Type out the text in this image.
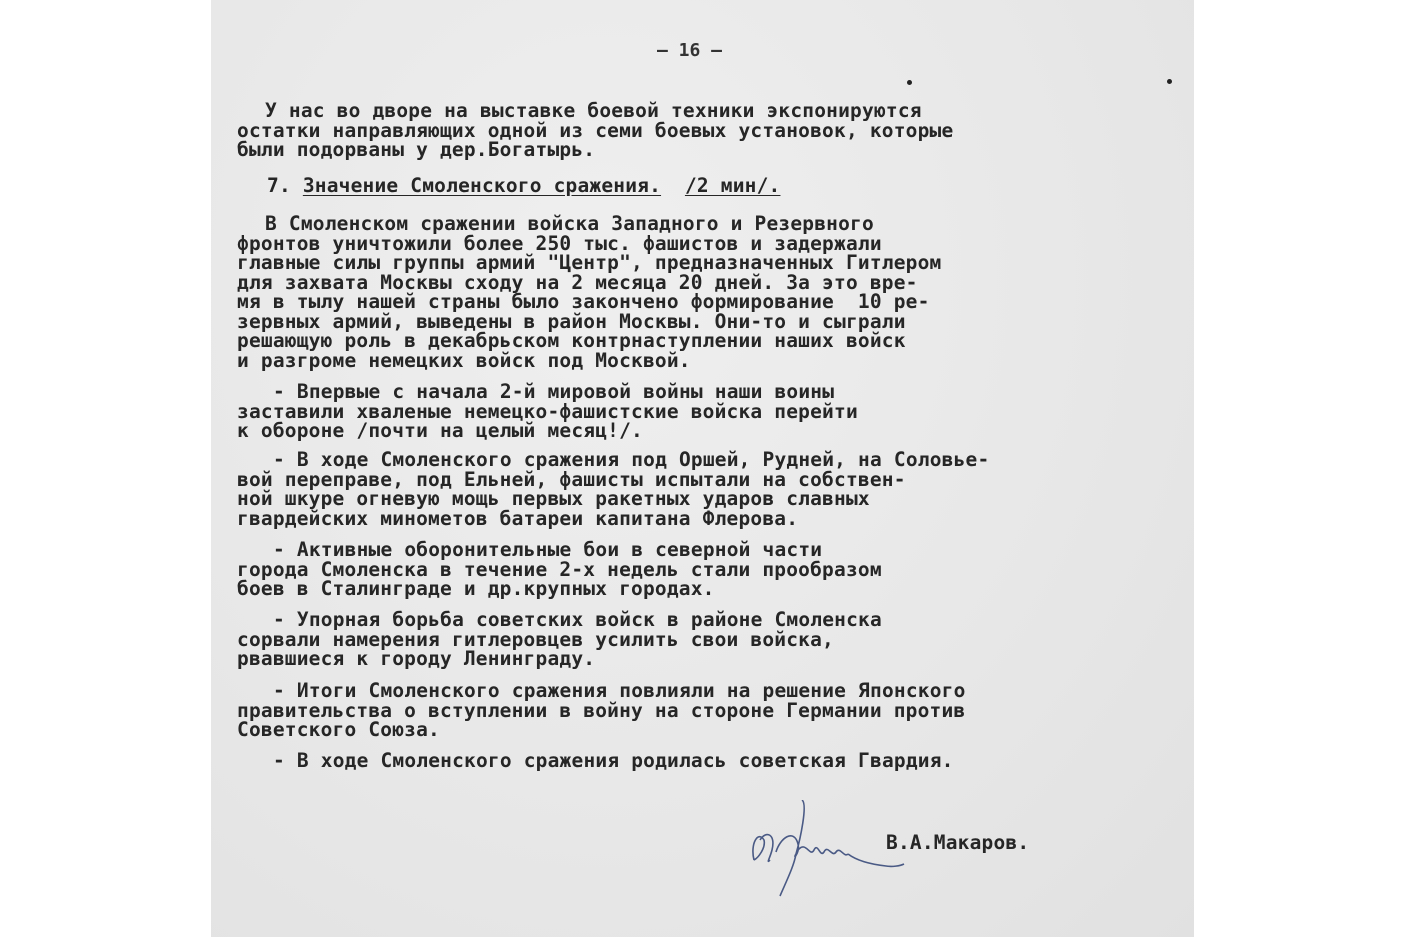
— 16 —

У нас во дворе на выставке боевой техники экспонируются

остатки направляющих одной из семи боевых установок, которые

были подорваны у дер.Богатырь.

7. Значение Смоленского сражения. /2 мин/.

В Смоленском сражении войска Западного и Резервного

фронтов уничтожили более 250 тыс. фашистов и задержали

главные силы группы армий "Центр", предназначенных Гитлером

для захвата Москвы сходу на 2 месяца 20 дней. За это вре-

мя в тылу нашей страны было закончено формирование  10 ре-

зервных армий, выведены в район Москвы. Они-то и сыграли

решающую роль в декабрьском контрнаступлении наших войск

и разгроме немецких войск под Москвой.

- Впервые с начала 2-й мировой войны наши воины

заставили хваленые немецко-фашистские войска перейти

к обороне /почти на целый месяц!/.

- В ходе Смоленского сражения под Оршей, Рудней, на Соловье-

вой переправе, под Ельней, фашисты испытали на собствен-

ной шкуре огневую мощь первых ракетных ударов славных

гвардейских минометов батареи капитана Флерова.

- Активные оборонительные бои в северной части

города Смоленска в течение 2-х недель стали прообразом

боев в Сталинграде и др.крупных городах.

- Упорная борьба советских войск в районе Смоленска

сорвали намерения гитлеровцев усилить свои войска,

рвавшиеся к городу Ленинграду.

- Итоги Смоленского сражения повлияли на решение Японского

правительства о вступлении в войну на стороне Германии против

Советского Союза.

- В ходе Смоленского сражения родилась советская Гвардия.

В.А.Макаров.
